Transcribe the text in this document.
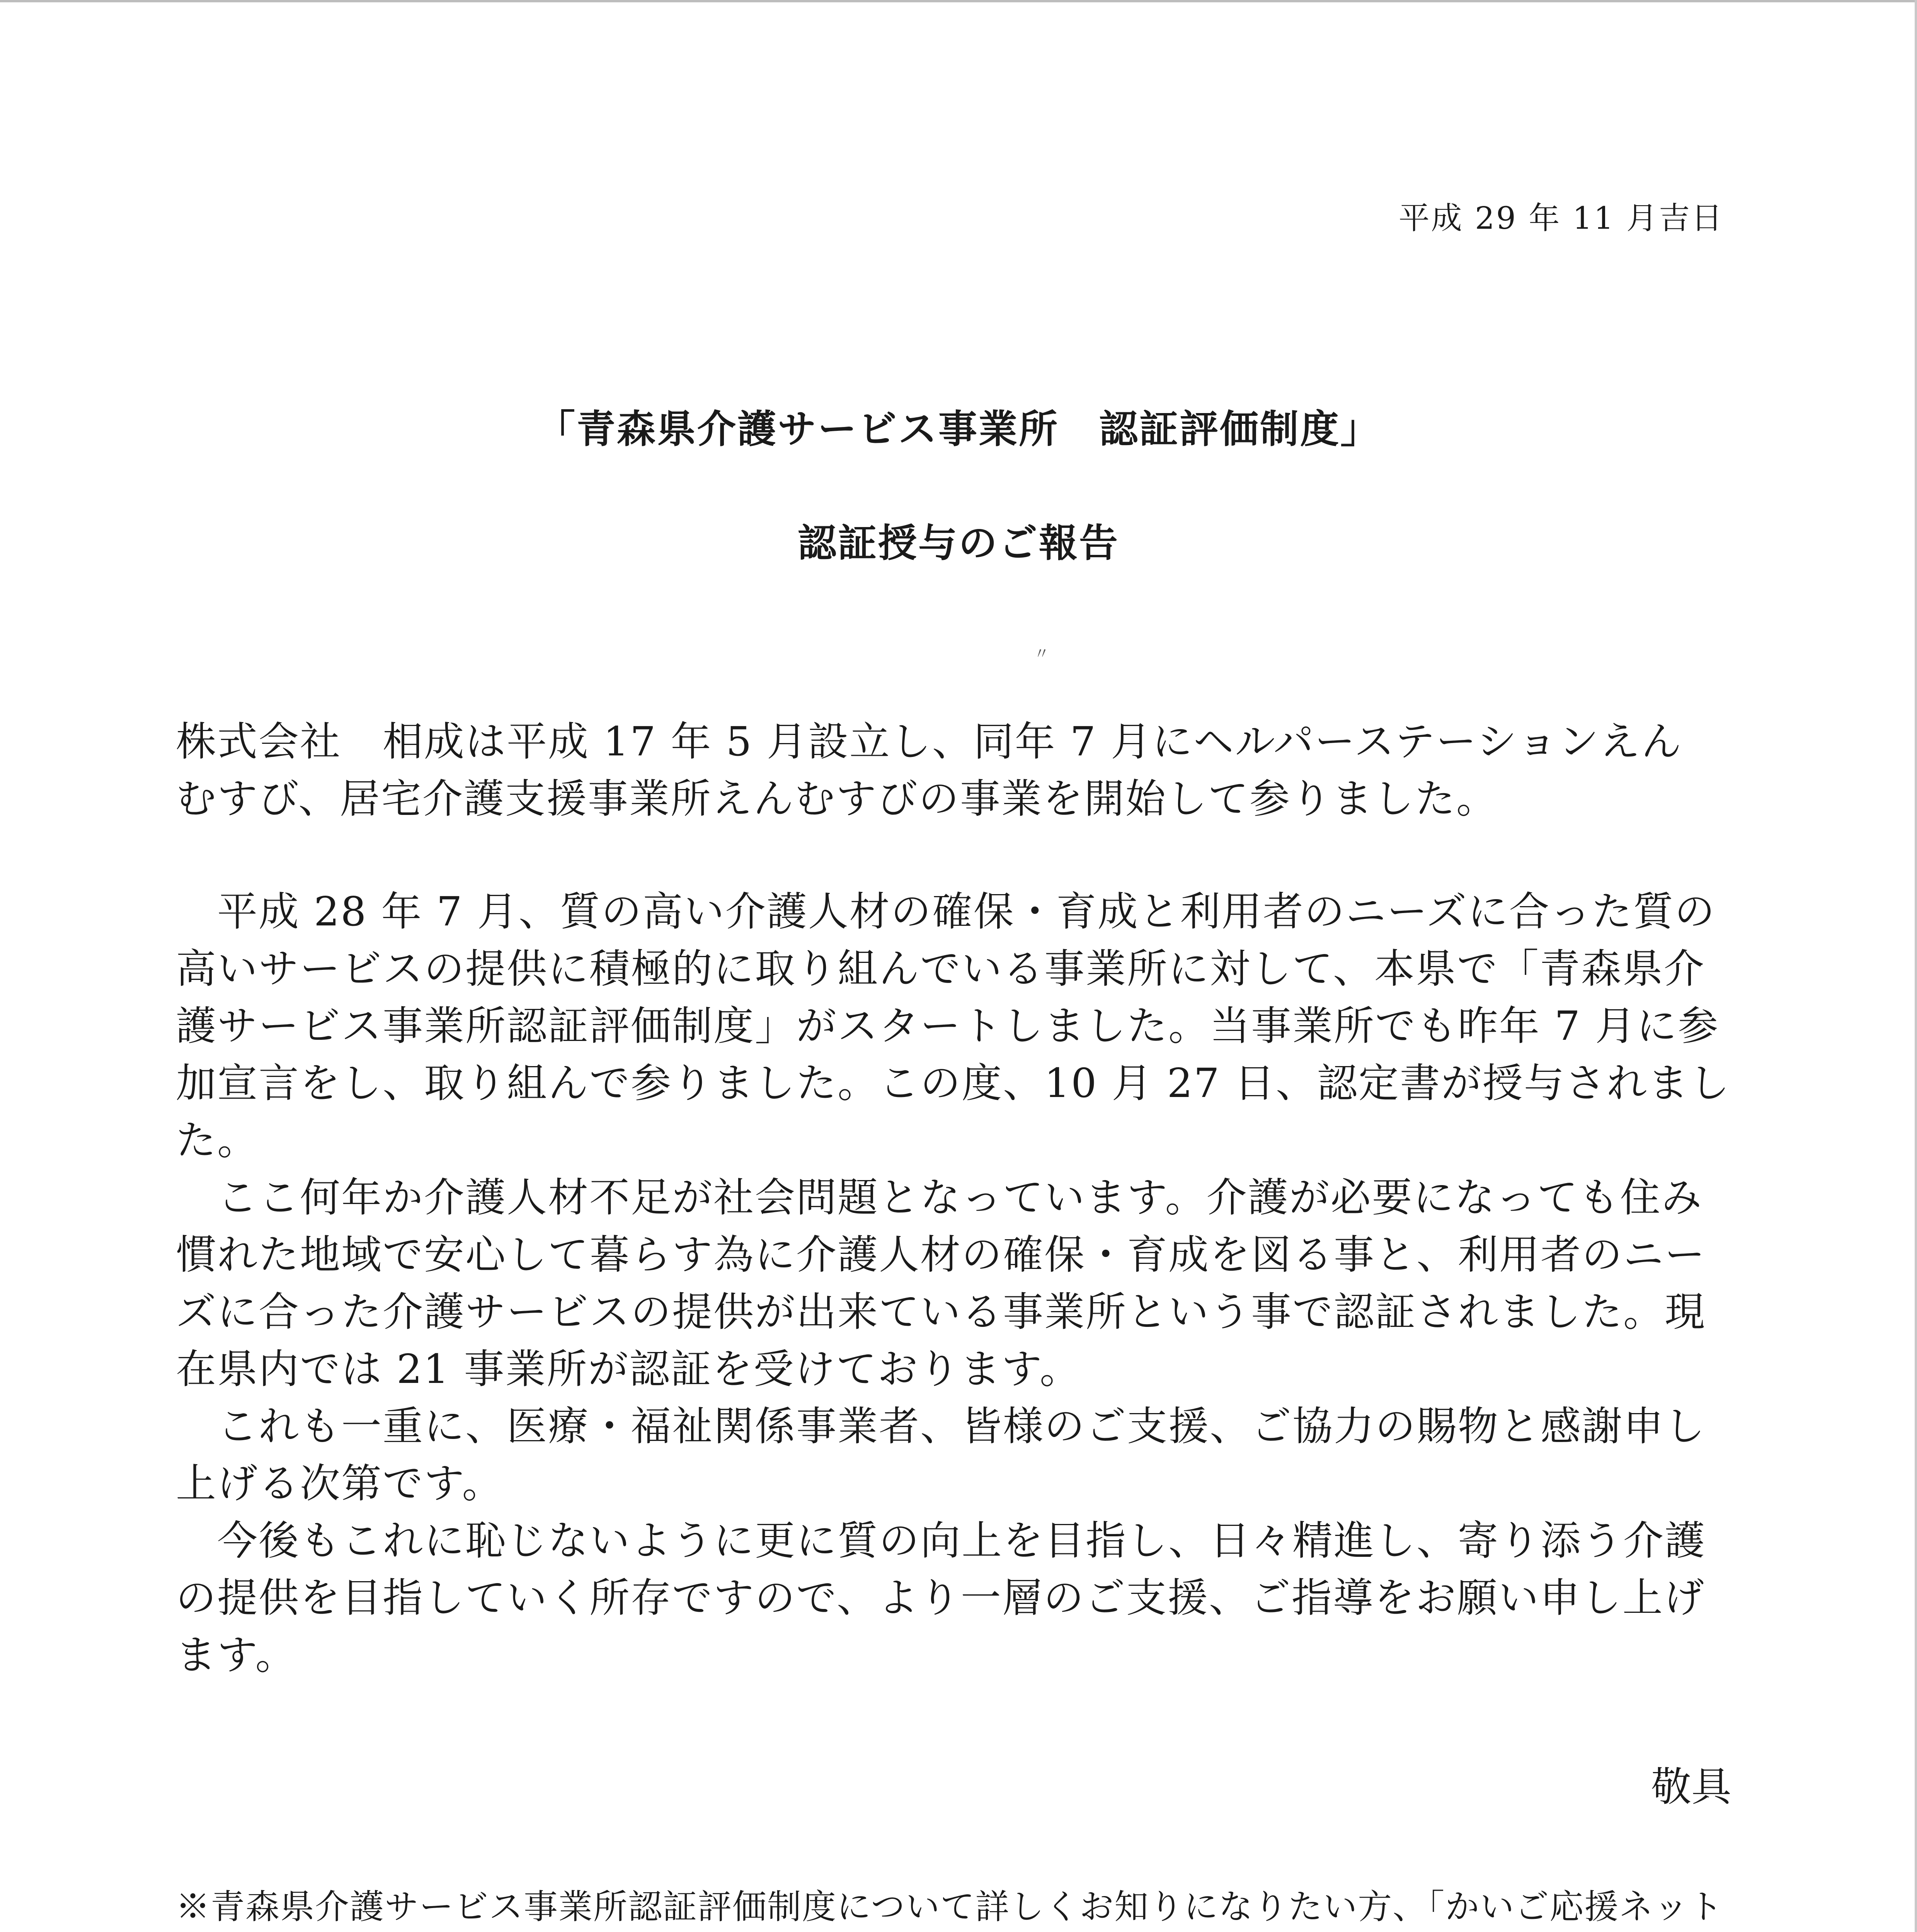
平成 29 年 11 月吉日
「青森県介護サービス事業所　認証評価制度」
認証授与のご報告
〃

株式会社　相成は平成 17 年 5 月設立し、同年 7 月にヘルパーステーションえんむすび、居宅介護支援事業所えんむすびの事業を開始して参りました。

　平成 28 年 7 月、質の高い介護人材の確保・育成と利用者のニーズに合った質の高いサービスの提供に積極的に取り組んでいる事業所に対して、本県で「青森県介護サービス事業所認証評価制度」がスタートしました。当事業所でも昨年 7 月に参加宣言をし、取り組んで参りました。この度、10 月 27 日、認定書が授与されました。
　ここ何年か介護人材不足が社会問題となっています。介護が必要になっても住み慣れた地域で安心して暮らす為に介護人材の確保・育成を図る事と、利用者のニーズに合った介護サービスの提供が出来ている事業所という事で認証されました。現在県内では 21 事業所が認証を受けております。
　これも一重に、医療・福祉関係事業者、皆様のご支援、ご協力の賜物と感謝申し上げる次第です。
　今後もこれに恥じないように更に質の向上を目指し、日々精進し、寄り添う介護の提供を目指していく所存ですので、より一層のご支援、ご指導をお願い申し上げます。

敬具

※青森県介護サービス事業所認証評価制度について詳しくお知りになりたい方、「かいご応援ネット
